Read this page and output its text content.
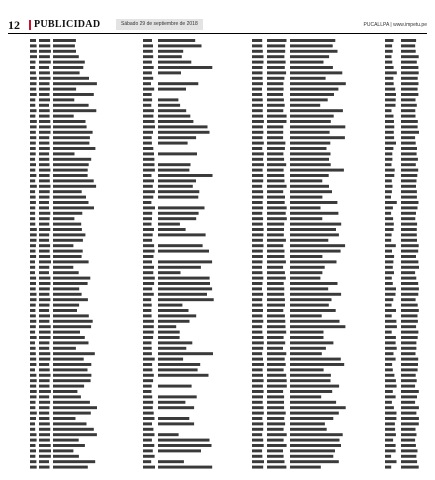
12 PUBLICIDAD	Sábado 29 de septiembre de 2018	PUCALLPA | www.impetu.pe
